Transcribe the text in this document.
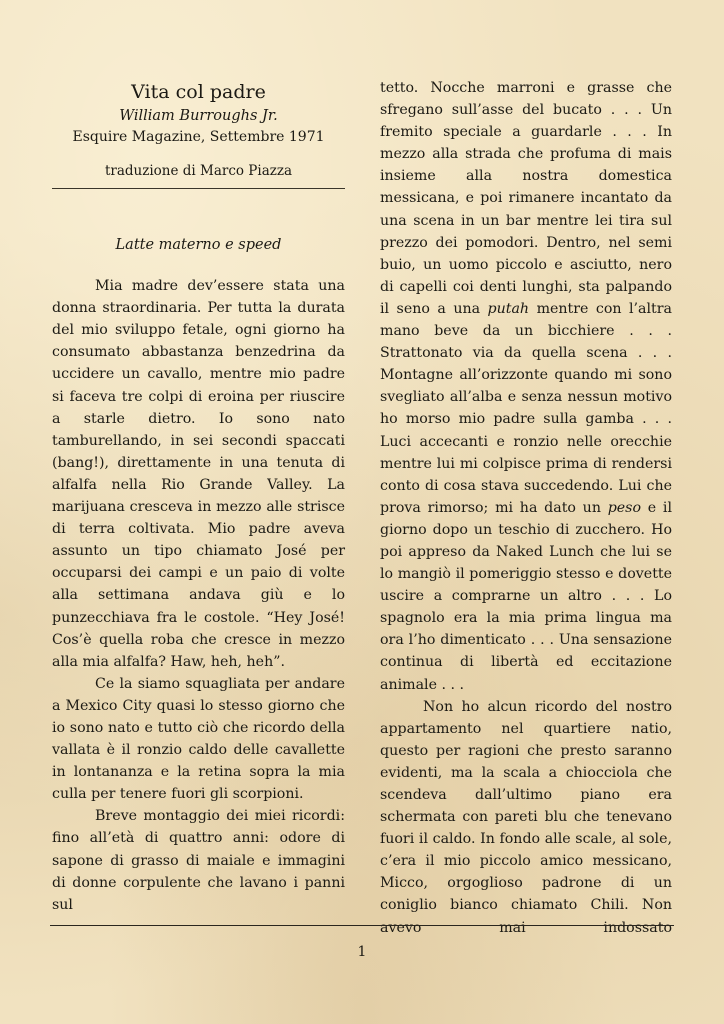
Vita col padre
William Burroughs Jr.
Esquire Magazine, Settembre 1971
traduzione di Marco Piazza
Latte materno e speed

Mia madre dev’essere stata una donna straordinaria. Per tutta la durata del mio sviluppo fetale, ogni giorno ha consumato abbastanza benzedrina da uccidere un cavallo, mentre mio padre si faceva tre colpi di eroina per riuscire a starle dietro. Io sono nato tamburellando, in sei secondi spaccati (bang!), direttamente in una tenuta di alfalfa nella Rio Grande Valley. La marijuana cresceva in mezzo alle strisce di terra coltivata. Mio padre aveva assunto un tipo chiamato José per occuparsi dei campi e un paio di volte alla settimana andava giù e lo punzecchiava fra le costole. “Hey José! Cos’è quella roba che cresce in mezzo alla mia alfalfa? Haw, heh, heh”.

Ce la siamo squagliata per andare a Mexico City quasi lo stesso giorno che io sono nato e tutto ciò che ricordo della vallata è il ronzio caldo delle cavallette in lontananza e la retina sopra la mia culla per tenere fuori gli scorpioni.

Breve montaggio dei miei ricordi: fino all’età di quattro anni: odore di sapone di grasso di maiale e immagini di donne corpulente che lavano i panni sul

tetto. Nocche marroni e grasse che sfregano sull’asse del bucato . . . Un fremito speciale a guardarle . . . In mezzo alla strada che profuma di mais insieme alla nostra domestica messicana, e poi rimanere incantato da una scena in un bar mentre lei tira sul prezzo dei pomodori. Dentro, nel semi buio, un uomo piccolo e asciutto, nero di capelli coi denti lunghi, sta palpando il seno a una putah mentre con l’altra mano beve da un bicchiere . . . Strattonato via da quella scena . . . Montagne all’orizzonte quando mi sono svegliato all’alba e senza nessun motivo ho morso mio padre sulla gamba . . . Luci accecanti e ronzio nelle orecchie mentre lui mi colpisce prima di rendersi conto di cosa stava succedendo. Lui che prova rimorso; mi ha dato un peso e il giorno dopo un teschio di zucchero. Ho poi appreso da Naked Lunch che lui se lo mangiò il pomeriggio stesso e dovette uscire a comprarne un altro . . . Lo spagnolo era la mia prima lingua ma ora l’ho dimenticato . . . Una sensazione continua di libertà ed eccitazione animale . . .

Non ho alcun ricordo del nostro appartamento nel quartiere natio, questo per ragioni che presto saranno evidenti, ma la scala a chiocciola che scendeva dall’ultimo piano era schermata con pareti blu che tenevano fuori il caldo. In fondo alle scale, al sole, c’era il mio piccolo amico messicano, Micco, orgoglioso padrone di un coniglio bianco chiamato Chili. Non avevo mai indossato

1
